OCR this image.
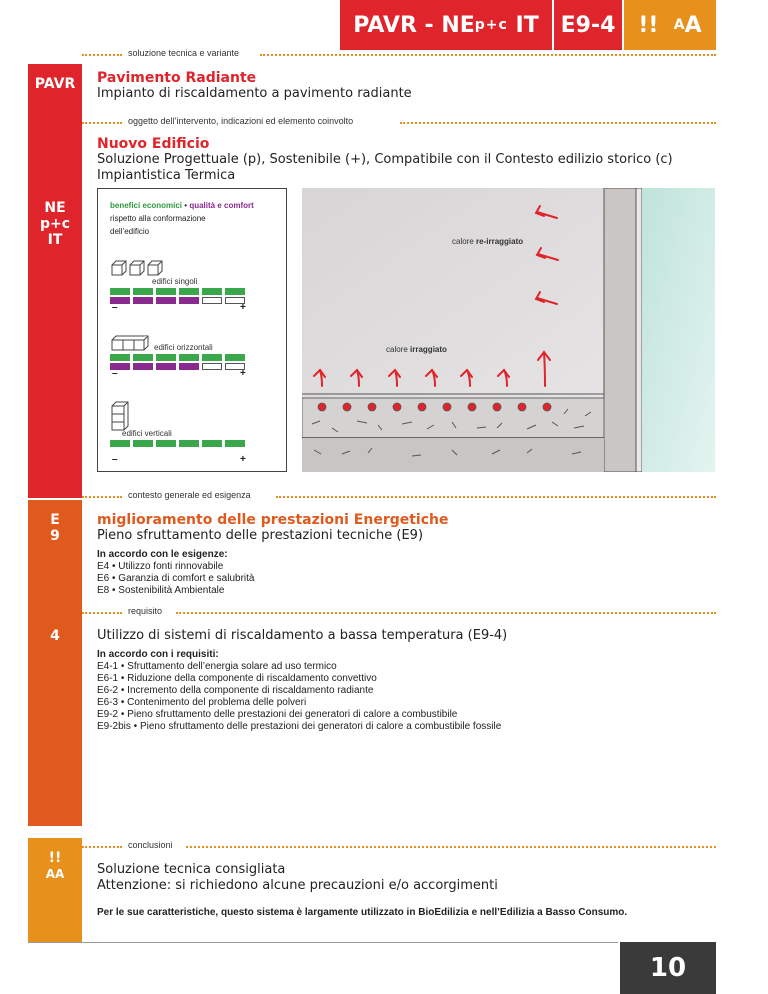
PAVR - NE p+c IT E9-4 !!
A A
PAVR
NE
p+c
IT
E
9
4
!!
AA
soluzione tecnica e variante
Pavimento Radiante
Impianto di riscaldamento a pavimento radiante
oggetto dell’intervento, indicazioni ed elemento coinvolto
Nuovo Edificio
Soluzione Progettuale (p), Sostenibile (+), Compatibile con il Contesto edilizio storico (c)
Impiantistica Termica
benefici economici • qualità e comfort
rispetto alla conformazione
dell’edificio
edifici singoli
–	+
edifici orizzontali
–	+
edifici verticali
–	+
calore re-irraggiato
calore irraggiato
contesto generale ed esigenza
miglioramento delle prestazioni Energetiche
Pieno sfruttamento delle prestazioni tecniche (E9)
In accordo con le esigenze:
E4 • Utilizzo fonti rinnovabile
E6 • Garanzia di comfort e salubrità
E8 • Sostenibilità Ambientale
requisito
Utilizzo di sistemi di riscaldamento a bassa temperatura (E9-4)
In accordo con i requisiti:
E4-1 • Sfruttamento dell’energia solare ad uso termico
E6-1 • Riduzione della componente di riscaldamento convettivo
E6-2 • Incremento della componente di riscaldamento radiante
E6-3 • Contenimento del problema delle polveri
E9-2 • Pieno sfruttamento delle prestazioni dei generatori di calore a combustibile
E9-2bis • Pieno sfruttamento delle prestazioni dei generatori di calore a combustibile fossile
conclusioni
Soluzione tecnica consigliata
Attenzione: si richiedono alcune precauzioni e/o accorgimenti
Per le sue caratteristiche, questo sistema è largamente utilizzato in BioEdilizia e nell’Edilizia a Basso Consumo.
10
